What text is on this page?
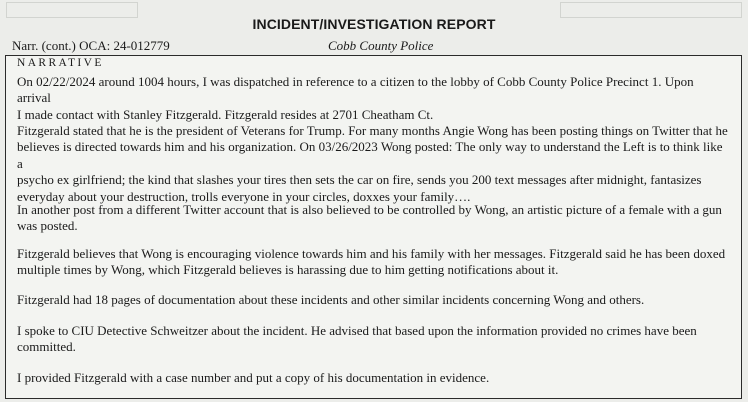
INCIDENT/INVESTIGATION REPORT
Narr. (cont.) OCA: 24-012779	Cobb County Police
NARRATIVE
On 02/22/2024 around 1004 hours, I was dispatched in reference to a citizen to the lobby of Cobb County Police Precinct 1. Upon arrival
I made contact with Stanley Fitzgerald. Fitzgerald resides at 2701 Cheatham Ct.
Fitzgerald stated that he is the president of Veterans for Trump. For many months Angie Wong has been posting things on Twitter that he
believes is directed towards him and his organization. On 03/26/2023 Wong posted: The only way to understand the Left is to think like a
psycho ex girlfriend; the kind that slashes your tires then sets the car on fire, sends you 200 text messages after midnight, fantasizes
everyday about your destruction, trolls everyone in your circles, doxxes your family….
In another post from a different Twitter account that is also believed to be controlled by Wong, an artistic picture of a female with a gun
was posted.
Fitzgerald believes that Wong is encouraging violence towards him and his family with her messages. Fitzgerald said he has been doxed
multiple times by Wong, which Fitzgerald believes is harassing due to him getting notifications about it.
Fitzgerald had 18 pages of documentation about these incidents and other similar incidents concerning Wong and others.
I spoke to CIU Detective Schweitzer about the incident. He advised that based upon the information provided no crimes have been
committed.
I provided Fitzgerald with a case number and put a copy of his documentation in evidence.
